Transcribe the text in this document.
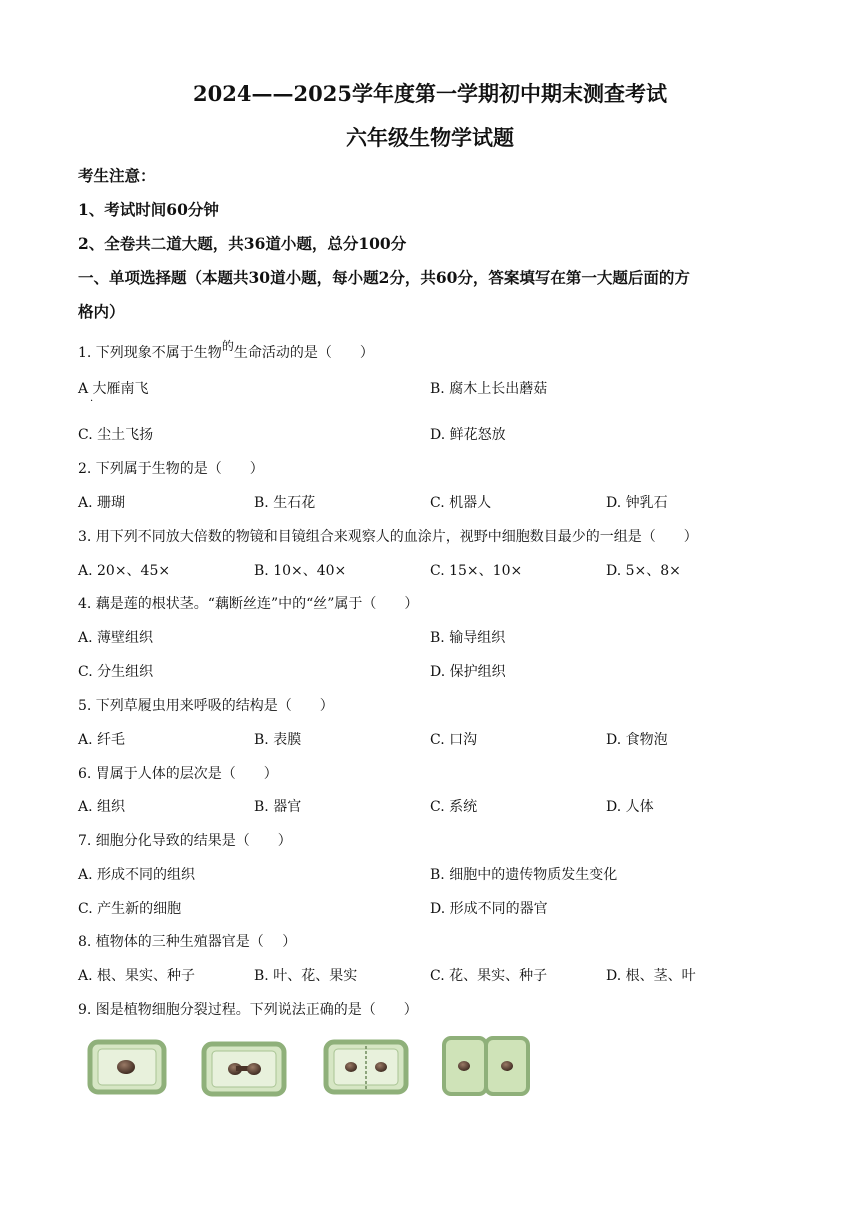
2024——2025学年度第一学期初中期末测查考试
六年级生物学试题
考生注意：
1、考试时间60分钟
2、全卷共二道大题，共36道小题，总分100分
一、单项选择题（本题共30道小题，每小题2分，共60分，答案填写在第一大题后面的方
格内）
1. 下列现象不属于生物的生命活动的是（　　）
A 大雁南飞
·
B. 腐木上长出蘑菇
C. 尘土飞扬	D. 鲜花怒放
2. 下列属于生物的是（　　）
A. 珊瑚	B. 生石花	C. 机器人	D. 钟乳石
3. 用下列不同放大倍数的物镜和目镜组合来观察人的血涂片，视野中细胞数目最少的一组是（　　）
A. 20×、45×	B. 10×、40×	C. 15×、10×	D. 5×、8×
4. 藕是莲的根状茎。“藕断丝连”中的“丝”属于（　　）
A. 薄壁组织	B. 输导组织
C. 分生组织	D. 保护组织
5. 下列草履虫用来呼吸的结构是（　　）
A. 纤毛	B. 表膜	C. 口沟	D. 食物泡
6. 胃属于人体的层次是（　　）
A. 组织	B. 器官	C. 系统	D. 人体
7. 细胞分化导致的结果是（　　）
A. 形成不同的组织	B. 细胞中的遗传物质发生变化
C. 产生新的细胞	D. 形成不同的器官
8. 植物体的三种生殖器官是（　 ）
A. 根、果实、种子	B. 叶、花、果实	C. 花、果实、种子	D. 根、茎、叶
9. 图是植物细胞分裂过程。下列说法正确的是（　　）
